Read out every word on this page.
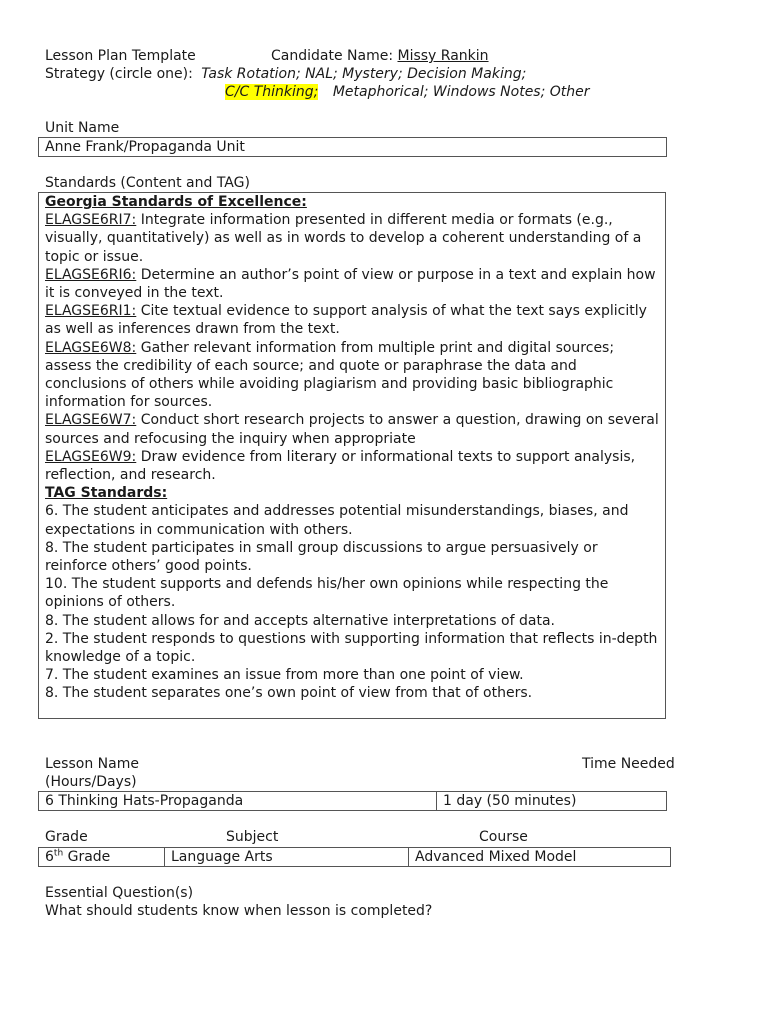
Lesson Plan Template	Candidate Name: Missy Rankin
Strategy (circle one): Task Rotation; NAL; Mystery; Decision Making;
C/C Thinking; Metaphorical; Windows Notes; Other
Unit Name
Anne Frank/Propaganda Unit
Standards (Content and TAG)

Georgia Standards of Excellence:

ELAGSE6RI7: Integrate information presented in different media or formats (e.g., visually, quantitatively) as well as in words to develop a coherent understanding of a topic or issue.

ELAGSE6RI6: Determine an author’s point of view or purpose in a text and explain how it is conveyed in the text.

ELAGSE6RI1: Cite textual evidence to support analysis of what the text says explicitly as well as inferences drawn from the text.

ELAGSE6W8: Gather relevant information from multiple print and digital sources; assess the credibility of each source; and quote or paraphrase the data and conclusions of others while avoiding plagiarism and providing basic bibliographic information for sources.

ELAGSE6W7: Conduct short research projects to answer a question, drawing on several sources and refocusing the inquiry when appropriate

ELAGSE6W9: Draw evidence from literary or informational texts to support analysis, reflection, and research.

TAG Standards:

6. The student anticipates and addresses potential misunderstandings, biases, and expectations in communication with others.

8. The student participates in small group discussions to argue persuasively or reinforce others’ good points.

10. The student supports and defends his/her own opinions while respecting the opinions of others.

8. The student allows for and accepts alternative interpretations of data.

2. The student responds to questions with supporting information that reflects in-depth knowledge of a topic.

7. The student examines an issue from more than one point of view.

8. The student separates one’s own point of view from that of others.

Lesson Name	Time Needed
(Hours/Days)
6 Thinking Hats-Propaganda	1 day (50 minutes)
Grade	Subject	Course
6th Grade	Language Arts	Advanced Mixed Model
Essential Question(s)
What should students know when lesson is completed?
